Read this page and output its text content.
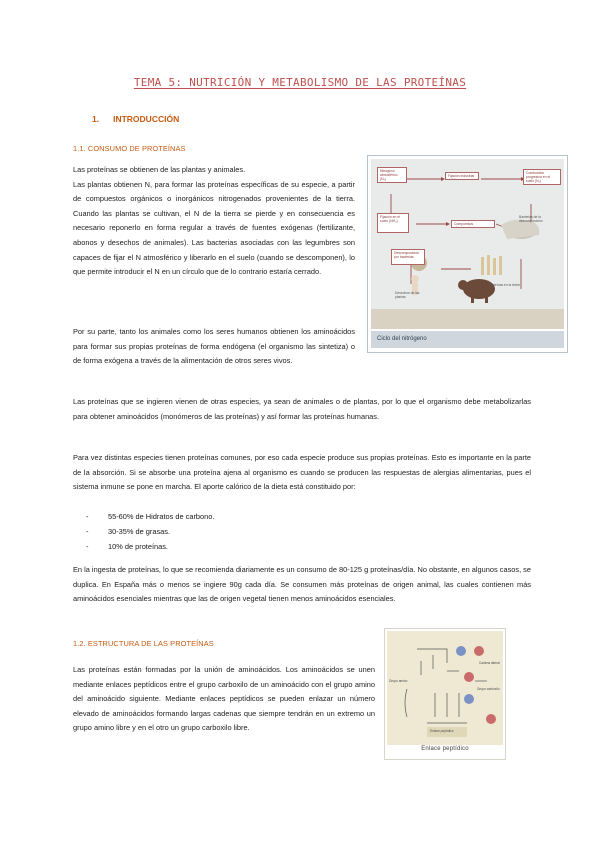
TEMA 5: NUTRICIÓN Y METABOLISMO DE LAS PROTEÍNAS
1. INTRODUCCIÓN
1.1. CONSUMO DE PROTEÍNAS

Las proteínas se obtienen de las plantas y animales.

Las plantas obtienen N, para formar las proteínas específicas de su especie, a partir de compuestos orgánicos o inorgánicos nitrogenados provenientes de la tierra. Cuando las plantas se cultivan, el N de la tierra se pierde y en consecuencia es necesario reponerlo en forma regular a través de fuentes exógenas (fertilizante, abonos y desechos de animales). Las bacterias asociadas con las legumbres son capaces de fijar el N atmosférico y liberarlo en el suelo (cuando se descomponen), lo que permite introducir el N en un círculo que de lo contrario estaría cerrado.

Por su parte, tanto los animales como los seres humanos obtienen los aminoácidos para formar sus propias proteínas de forma endógena (el organismo las sintetiza) o de forma exógena a través de la alimentación de otros seres vivos.
Las proteínas que se ingieren vienen de otras especies, ya sean de animales o de plantas, por lo que el organismo debe metabolizarlas para obtener aminoácidos (monómeros de las proteínas) y así formar las proteínas humanas.
Para vez distintas especies tienen proteínas comunes, por eso cada especie produce sus propias proteínas. Esto es importante en la parte de la absorción. Si se absorbe una proteína ajena al organismo es cuando se producen las respuestas de alergias alimentarias, pues el sistema inmune se pone en marcha. El aporte calórico de la dieta está constituido por:
-	55-60% de Hidratos de carbono.
-	30-35% de grasas.
-	10% de proteínas.
En la ingesta de proteínas, lo que se recomienda diariamente es un consumo de 80-125 g proteínas/día. No obstante, en algunos casos, se duplica. En España más o menos se ingiere 90g cada día. Se consumen más proteínas de origen animal, las cuales contienen más aminoácidos esenciales mientras que las de origen vegetal tienen menos aminoácidos esenciales.
1.2. ESTRUCTURA DE LAS PROTEÍNAS
Las proteínas están formadas por la unión de aminoácidos. Los aminoácidos se unen mediante enlaces peptídicos entre el grupo carboxilo de un aminoácido con el grupo amino del aminoácido siguiente. Mediante enlaces peptídicos se pueden enlazar un número elevado de aminoácidos formando largas cadenas que siempre tendrán en un extremo un grupo amino libre y en el otro un grupo carboxilo libre.
Nitrógeno atmosférico (N₂)
Fijación industrial del N
Combustión progresiva en el suelo (N₂)
Fijación en el suelo (NH₃)
Compuestos nitrogenados
Bacterias de la descomposición
Descomposición por bacterias
Desechos de las plantas
Proteínas en la leche
Ciclo del nitrógeno
Enlace peptídico
Grupo amino
Grupo carboxilo
Cadena lateral
Enlace peptídico
